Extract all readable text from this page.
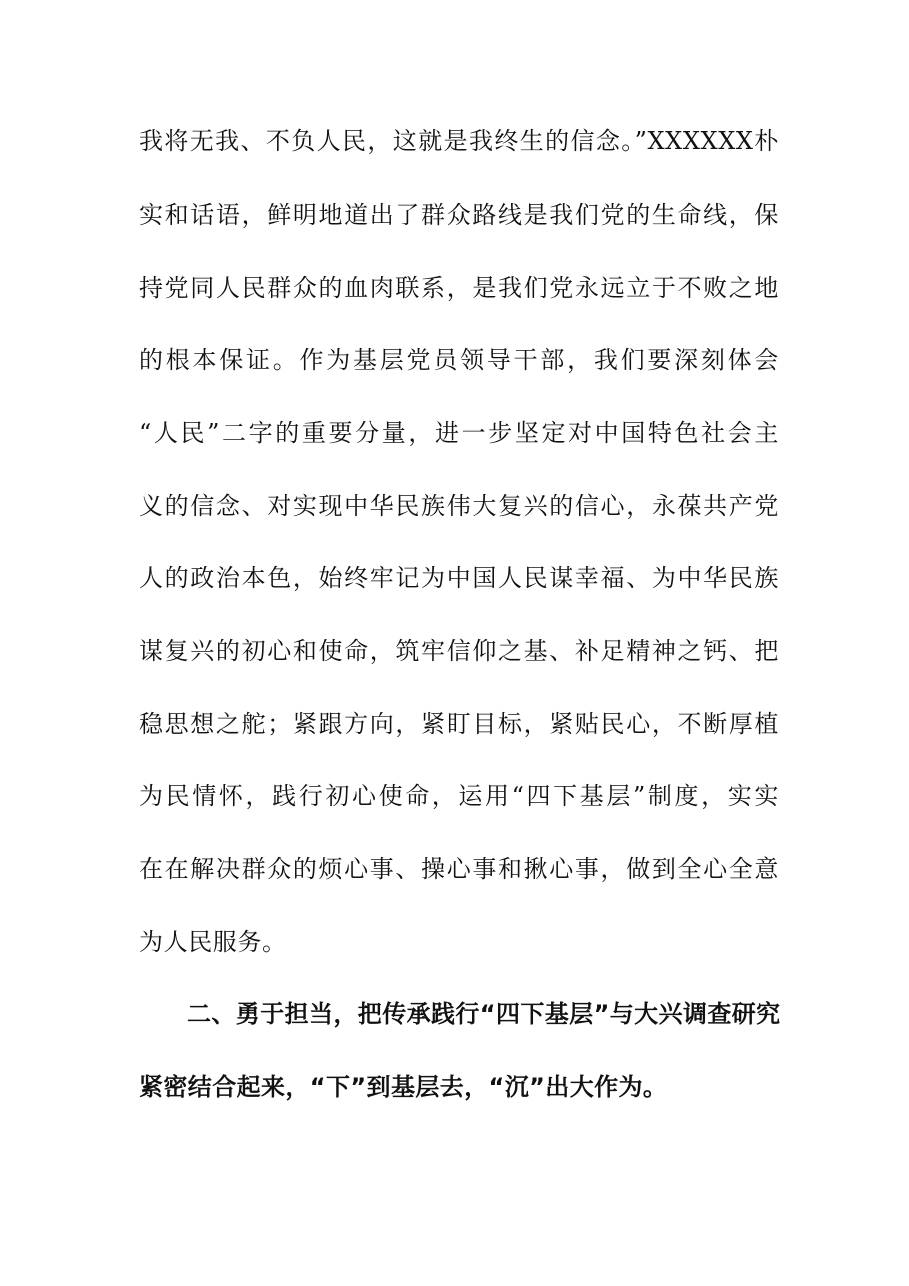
我将无我、不负人民，这就是我终生的信念。”XXXXXX朴
实和话语，鲜明地道出了群众路线是我们党的生命线，保
持党同人民群众的血肉联系，是我们党永远立于不败之地
的根本保证。作为基层党员领导干部，我们要深刻体会
“人民”二字的重要分量，进一步坚定对中国特色社会主
义的信念、对实现中华民族伟大复兴的信心，永葆共产党
人的政治本色，始终牢记为中国人民谋幸福、为中华民族
谋复兴的初心和使命，筑牢信仰之基、补足精神之钙、把
稳思想之舵；紧跟方向，紧盯目标，紧贴民心，不断厚植
为民情怀，践行初心使命，运用“四下基层”制度，实实
在在解决群众的烦心事、操心事和揪心事，做到全心全意
为人民服务。
二、勇于担当，把传承践行“四下基层”与大兴调查研究
紧密结合起来，“下”到基层去，“沉”出大作为。
